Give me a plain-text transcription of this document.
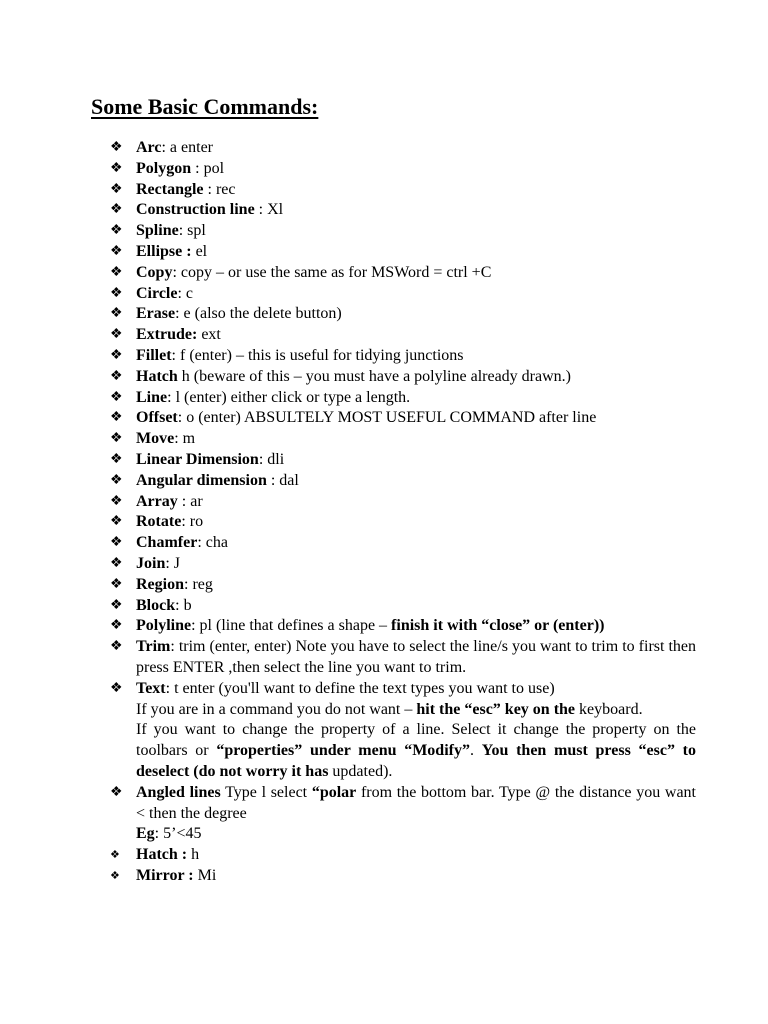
Some Basic Commands:
❖ Arc: a enter
❖ Polygon : pol
❖ Rectangle : rec
❖ Construction line : Xl
❖ Spline: spl
❖ Ellipse : el
❖ Copy: copy – or use the same as for MSWord = ctrl +C
❖ Circle: c
❖ Erase: e (also the delete button)
❖ Extrude: ext
❖ Fillet: f (enter) – this is useful for tidying junctions
❖ Hatch h (beware of this – you must have a polyline already drawn.)
❖ Line: l (enter) either click or type a length.
❖ Offset: o (enter) ABSULTELY MOST USEFUL COMMAND after line
❖ Move: m
❖ Linear Dimension: dli
❖ Angular dimension : dal
❖ Array : ar
❖ Rotate: ro
❖ Chamfer: cha
❖ Join: J
❖ Region: reg
❖ Block: b
❖ Polyline: pl (line that defines a shape – finish it with “close” or (enter))
❖ Trim: trim (enter, enter) Note you have to select the line/s you want to trim to first then press ENTER ,then select the line you want to trim.
❖ Text: t enter (you'll want to define the text types you want to use)
If you are in a command you do not want – hit the “esc” key on the keyboard.
If you want to change the property of a line. Select it change the property on the toolbars or “properties” under menu “Modify”. You then must press “esc” to deselect (do not worry it has updated).
❖ Angled lines Type l select “polar from the bottom bar. Type @ the distance you want < then the degree
Eg: 5’<45
❖	Hatch : h
❖	Mirror : Mi
